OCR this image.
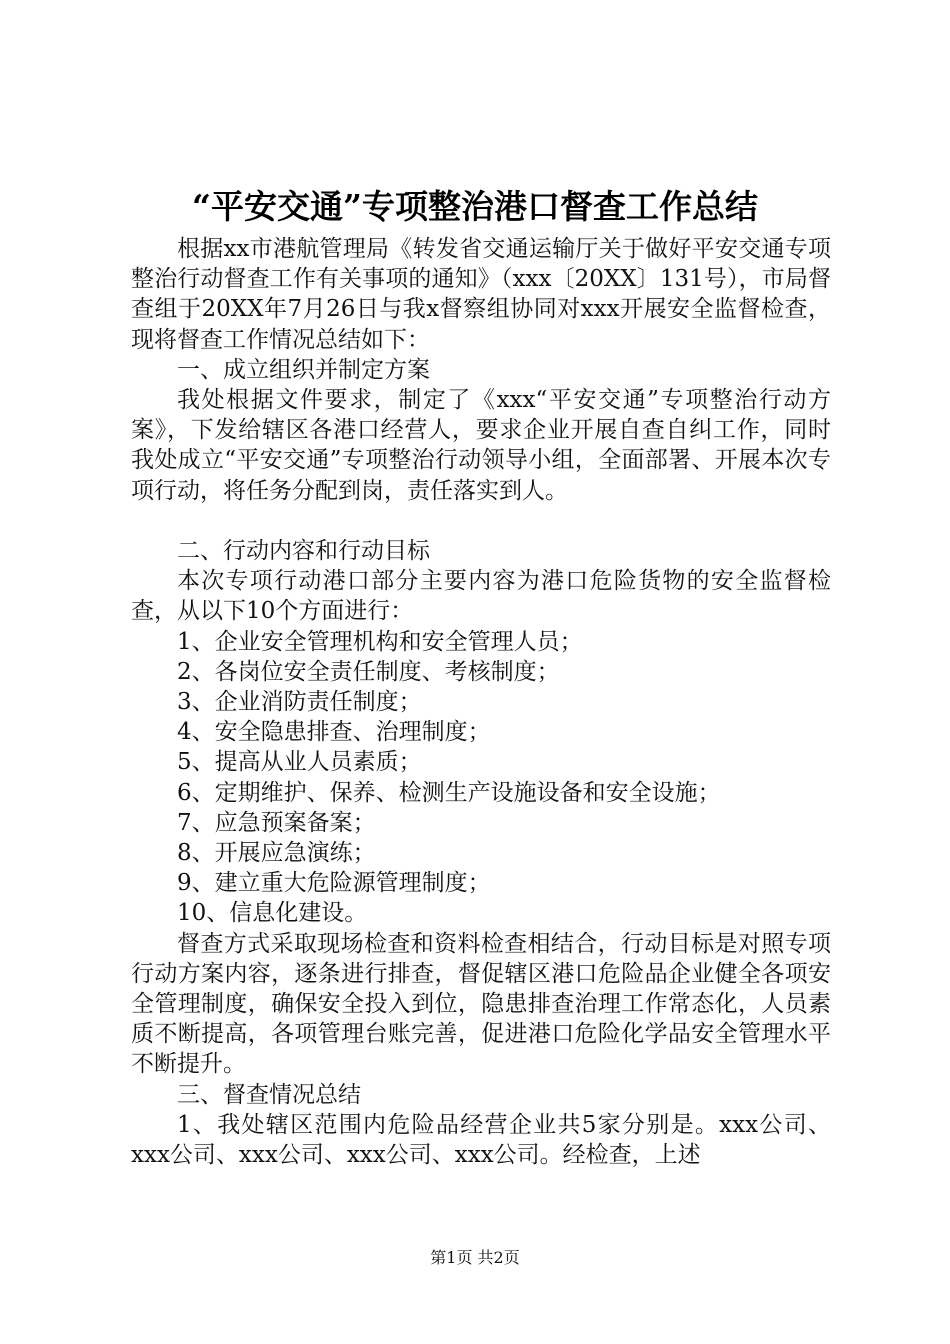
“平安交通”专项整治港口督查工作总结

根据xx市港航管理局《转发省交通运输厅关于做好平安交通专项整治行动督查工作有关事项的通知》（xxx〔20XX〕131号），市局督查组于20XX年7月26日与我x督察组协同对xxx开展安全监督检查，现将督查工作情况总结如下：

一、成立组织并制定方案

我处根据文件要求，制定了《xxx“平安交通”专项整治行动方案》，下发给辖区各港口经营人，要求企业开展自查自纠工作，同时我处成立“平安交通”专项整治行动领导小组，全面部署、开展本次专项行动，将任务分配到岗，责任落实到人。

二、行动内容和行动目标

本次专项行动港口部分主要内容为港口危险货物的安全监督检查，从以下10个方面进行：

1、企业安全管理机构和安全管理人员；

2、各岗位安全责任制度、考核制度；

3、企业消防责任制度；

4、安全隐患排查、治理制度；

5、提高从业人员素质；

6、定期维护、保养、检测生产设施设备和安全设施；

7、应急预案备案；

8、开展应急演练；

9、建立重大危险源管理制度；

10、信息化建设。

督查方式采取现场检查和资料检查相结合，行动目标是对照专项行动方案内容，逐条进行排查，督促辖区港口危险品企业健全各项安全管理制度，确保安全投入到位，隐患排查治理工作常态化，人员素质不断提高，各项管理台账完善，促进港口危险化学品安全管理水平不断提升。

三、督查情况总结

1、我处辖区范围内危险品经营企业共5家分别是。xxx公司、xxx公司、xxx公司、xxx公司、xxx公司。经检查，上述

第1页 共2页
